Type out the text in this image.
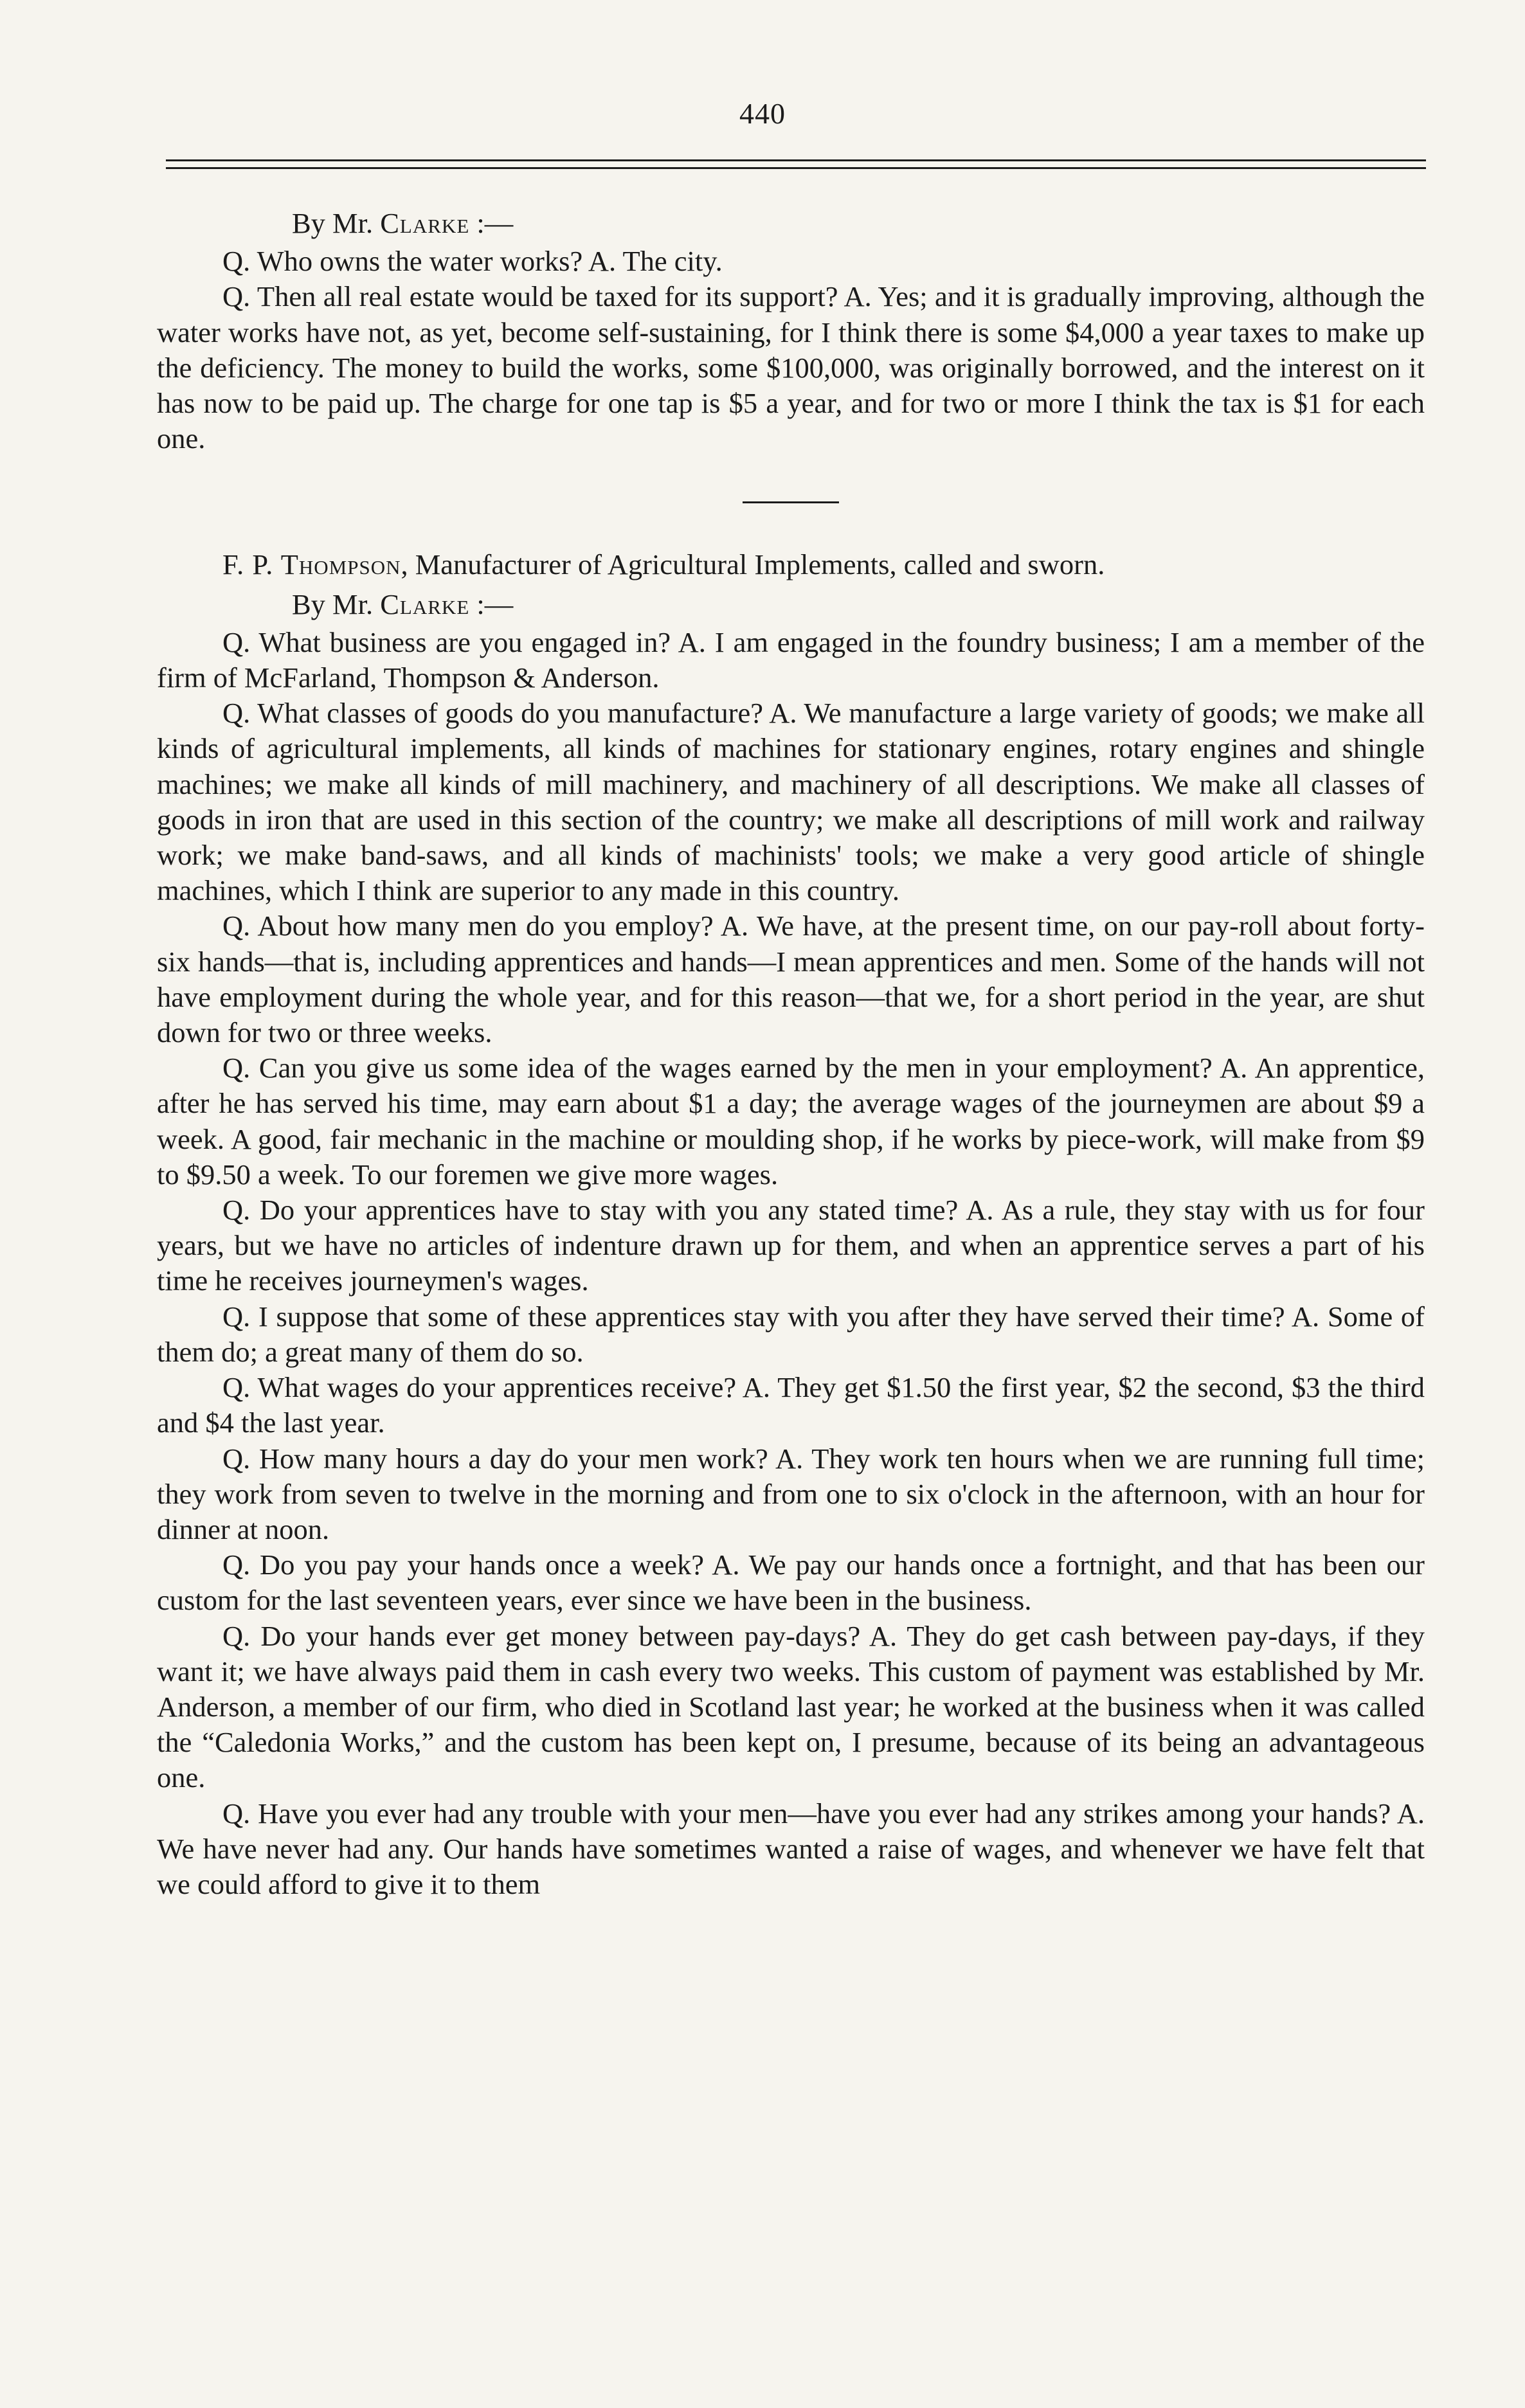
440
By Mr. Clarke :—

Q. Who owns the water works? A. The city.

Q. Then all real estate would be taxed for its support? A. Yes; and it is gradually improving, although the water works have not, as yet, become self-sustaining, for I think there is some $4,000 a year taxes to make up the deficiency. The money to build the works, some $100,000, was originally borrowed, and the interest on it has now to be paid up. The charge for one tap is $5 a year, and for two or more I think the tax is $1 for each one.

F. P. Thompson, Manufacturer of Agricultural Implements, called and sworn.
By Mr. Clarke :—

Q. What business are you engaged in? A. I am engaged in the foundry business; I am a member of the firm of McFarland, Thompson & Anderson.

Q. What classes of goods do you manufacture? A. We manufacture a large variety of goods; we make all kinds of agricultural implements, all kinds of machines for stationary engines, rotary engines and shingle machines; we make all kinds of mill machinery, and machinery of all descriptions. We make all classes of goods in iron that are used in this section of the country; we make all descriptions of mill work and railway work; we make band-saws, and all kinds of machinists' tools; we make a very good article of shingle machines, which I think are superior to any made in this country.

Q. About how many men do you employ? A. We have, at the present time, on our pay-roll about forty-six hands—that is, including apprentices and hands—I mean apprentices and men. Some of the hands will not have employment during the whole year, and for this reason—that we, for a short period in the year, are shut down for two or three weeks.

Q. Can you give us some idea of the wages earned by the men in your employment? A. An apprentice, after he has served his time, may earn about $1 a day; the average wages of the journeymen are about $9 a week. A good, fair mechanic in the machine or moulding shop, if he works by piece-work, will make from $9 to $9.50 a week. To our foremen we give more wages.

Q. Do your apprentices have to stay with you any stated time? A. As a rule, they stay with us for four years, but we have no articles of indenture drawn up for them, and when an apprentice serves a part of his time he receives journeymen's wages.

Q. I suppose that some of these apprentices stay with you after they have served their time? A. Some of them do; a great many of them do so.

Q. What wages do your apprentices receive? A. They get $1.50 the first year, $2 the second, $3 the third and $4 the last year.

Q. How many hours a day do your men work? A. They work ten hours when we are running full time; they work from seven to twelve in the morning and from one to six o'clock in the afternoon, with an hour for dinner at noon.

Q. Do you pay your hands once a week? A. We pay our hands once a fortnight, and that has been our custom for the last seventeen years, ever since we have been in the business.

Q. Do your hands ever get money between pay-days? A. They do get cash between pay-days, if they want it; we have always paid them in cash every two weeks. This custom of payment was established by Mr. Anderson, a member of our firm, who died in Scotland last year; he worked at the business when it was called the “Caledonia Works,” and the custom has been kept on, I presume, because of its being an advantageous one.

Q. Have you ever had any trouble with your men—have you ever had any strikes among your hands? A. We have never had any. Our hands have sometimes wanted a raise of wages, and whenever we have felt that we could afford to give it to them
